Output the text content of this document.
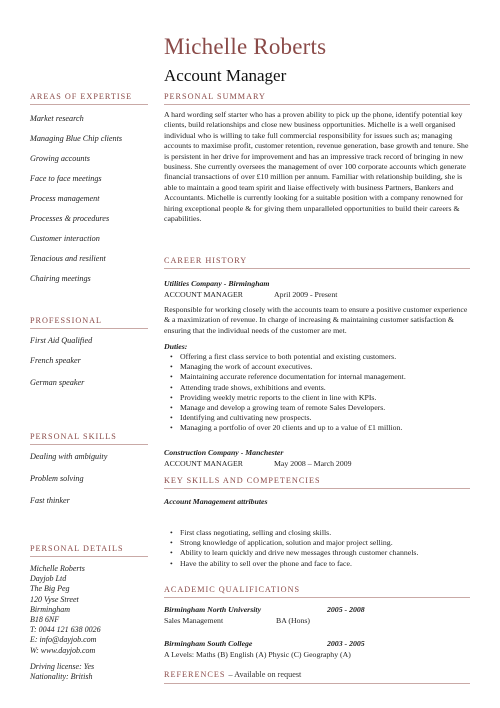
Michelle Roberts
Account Manager
AREAS OF EXPERTISE
Market research
Managing Blue Chip clients
Growing accounts
Face to face meetings
Process management
Processes & procedures
Customer interaction
Tenacious and resilient
Chairing meetings
PROFESSIONAL
First Aid Qualified
French speaker
German speaker
PERSONAL SKILLS
Dealing with ambiguity
Problem solving
Fast thinker
PERSONAL DETAILS
Michelle Roberts
Dayjob Ltd
The Big Peg
120 Vyse Street
Birmingham
B18 6NF
T: 0044 121 638 0026
E: info@dayjob.com
W: www.dayjob.com
Driving license: Yes
Nationality: British
PERSONAL SUMMARY

A hard wording self starter who has a proven ability to pick up the phone, identify potential key clients, build relationships and close new business opportunities. Michelle is a well organised individual who is willing to take full commercial responsibility for issues such as; managing accounts to maximise profit, customer retention, revenue generation, base growth and tenure. She is persistent in her drive for improvement and has an impressive track record of bringing in new business. She currently oversees the management of over 100 corporate accounts which generate financial transactions of over £10 million per annum. Familiar with relationship building, she is able to maintain a good team spirit and liaise effectively with business Partners, Bankers and Accountants. Michelle is currently looking for a suitable position with a company renowned for hiring exceptional people & for giving them unparalleled opportunities to build their careers & capabilities.

CAREER HISTORY
Utilities Company - Birmingham
ACCOUNT MANAGER	April 2009 - Present

Responsible for working closely with the accounts team to ensure a positive customer experience & a maximization of revenue. In charge of increasing & maintaining customer satisfaction & ensuring that the individual needs of the customer are met.

Duties:
• Offering a first class service to both potential and existing customers.
• Managing the work of account executives.
• Maintaining accurate reference documentation for internal management.
• Attending trade shows, exhibitions and events.
• Providing weekly metric reports to the client in line with KPIs.
• Manage and develop a growing team of remote Sales Developers.
• Identifying and cultivating new prospects.
• Managing a portfolio of over 20 clients and up to a value of £1 million.
Construction Company - Manchester
ACCOUNT MANAGER	May 2008 – March 2009
KEY SKILLS AND COMPETENCIES
Account Management attributes
• First class negotiating, selling and closing skills.
• Strong knowledge of application, solution and major project selling.
• Ability to learn quickly and drive new messages through customer channels.
• Have the ability to sell over the phone and face to face.
ACADEMIC QUALIFICATIONS
Birmingham North University	2005 - 2008
Sales Management	BA (Hons)
Birmingham South College	2003 - 2005
A Levels: Maths (B) English (A) Physic (C) Geography (A)
REFERENCES – Available on request
